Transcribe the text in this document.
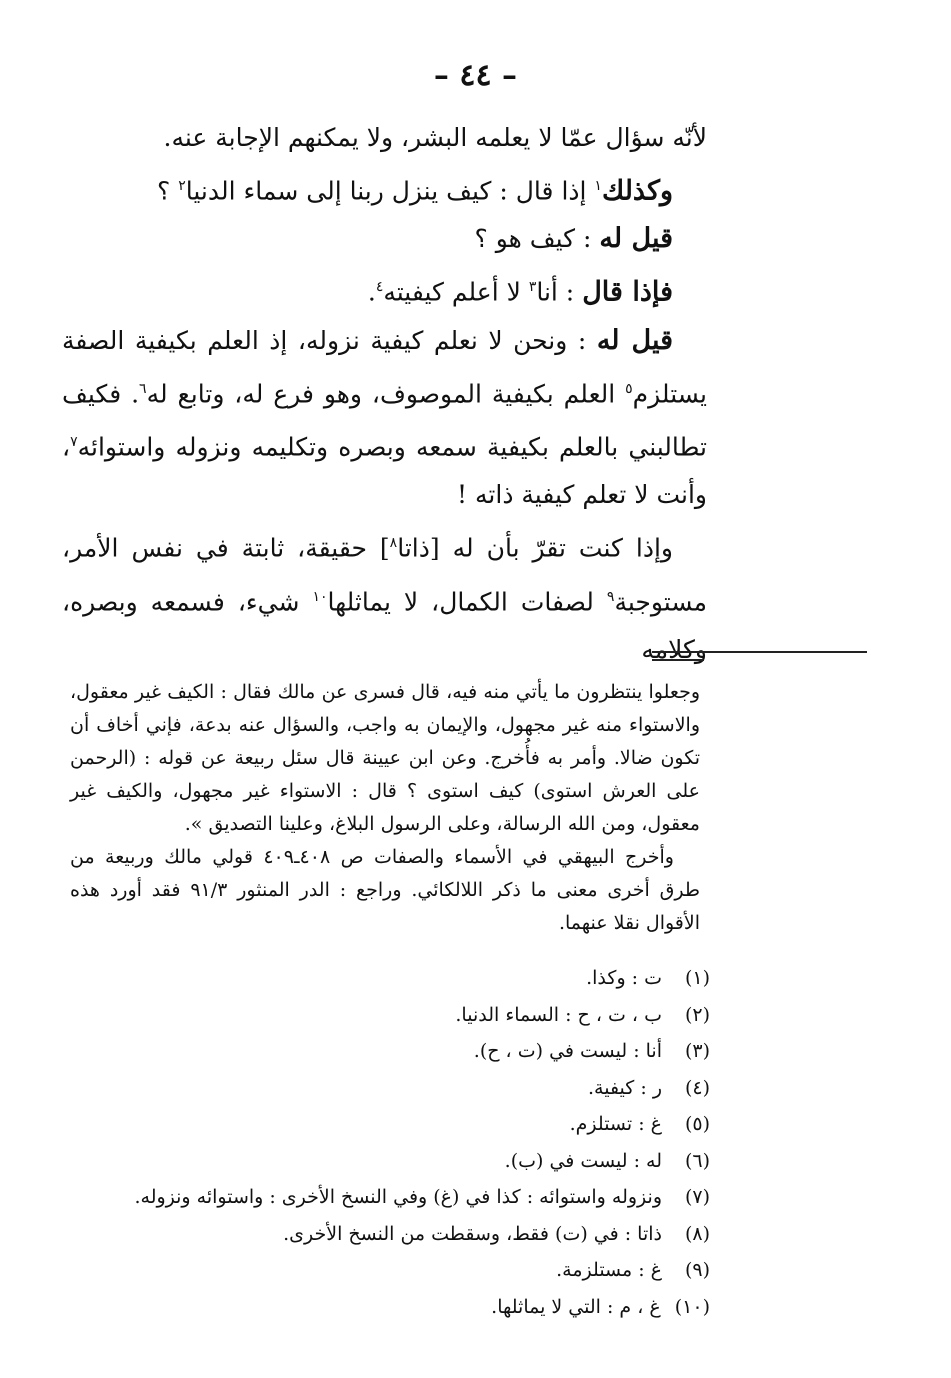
– ٤٤ –

لأنّه سؤال عمّا لا يعلمه البشر، ولا يمكنهم الإجابة عنه.

وكذلك$^١$ إذا قال : كيف ينزل ربنا إلى سماء الدنيا$^٢$ ؟

قيل له : كيف هو ؟

فإذا قال : أنا$^٣$ لا أعلم كيفيته$^٤$.

قيل له : ونحن لا نعلم كيفية نزوله، إذ العلم بكيفية الصفة يستلزم$^٥$ العلم بكيفية الموصوف، وهو فرع له، وتابع له$^٦$. فكيف تطالبني بالعلم بكيفية سمعه وبصره وتكليمه ونزوله واستوائه$^٧$، وأنت لا تعلم كيفية ذاته !

وإذا كنت تقرّ بأن له [ذاتا$^٨$] حقيقة، ثابتة في نفس الأمر، مستوجبة$^٩$ لصفات الكمال، لا يماثلها$^{١٠}$ شيء، فسمعه وبصره، وكلامه

وجعلوا ينتظرون ما يأتي منه فيه، قال فسرى عن مالك فقال : الكيف غير معقول، والاستواء منه غير مجهول، والإيمان به واجب، والسؤال عنه بدعة، فإني أخاف أن تكون ضالا. وأمر به فأُخرج. وعن ابن عيينة قال سئل ربيعة عن قوله : (الرحمن على العرش استوى) كيف استوى ؟ قال : الاستواء غير مجهول، والكيف غير معقول، ومن الله الرسالة، وعلى الرسول البلاغ، وعلينا التصديق ».

وأخرج البيهقي في الأسماء والصفات ص ٤٠٨ـ٤٠٩ قولي مالك وربيعة من طرق أخرى معنى ما ذكر اللالكائي. وراجع : الدر المنثور ٩١/٣ فقد أورد هذه الأقوال نقلا عنهما.

(١)
ت : وكذا.
(٢)
ب ، ت ، ح : السماء الدنيا.
(٣)
أنا : ليست في (ت ، ح).
(٤)
ر : كيفية.
(٥)
غ : تستلزم.
(٦)
له : ليست في (ب).
(٧)
ونزوله واستوائه : كذا في (غ) وفي النسخ الأخرى : واستوائه ونزوله.
(٨)
ذاتا : في (ت) فقط، وسقطت من النسخ الأخرى.
(٩)
غ : مستلزمة.
(١٠)
غ ، م : التي لا يماثلها.
